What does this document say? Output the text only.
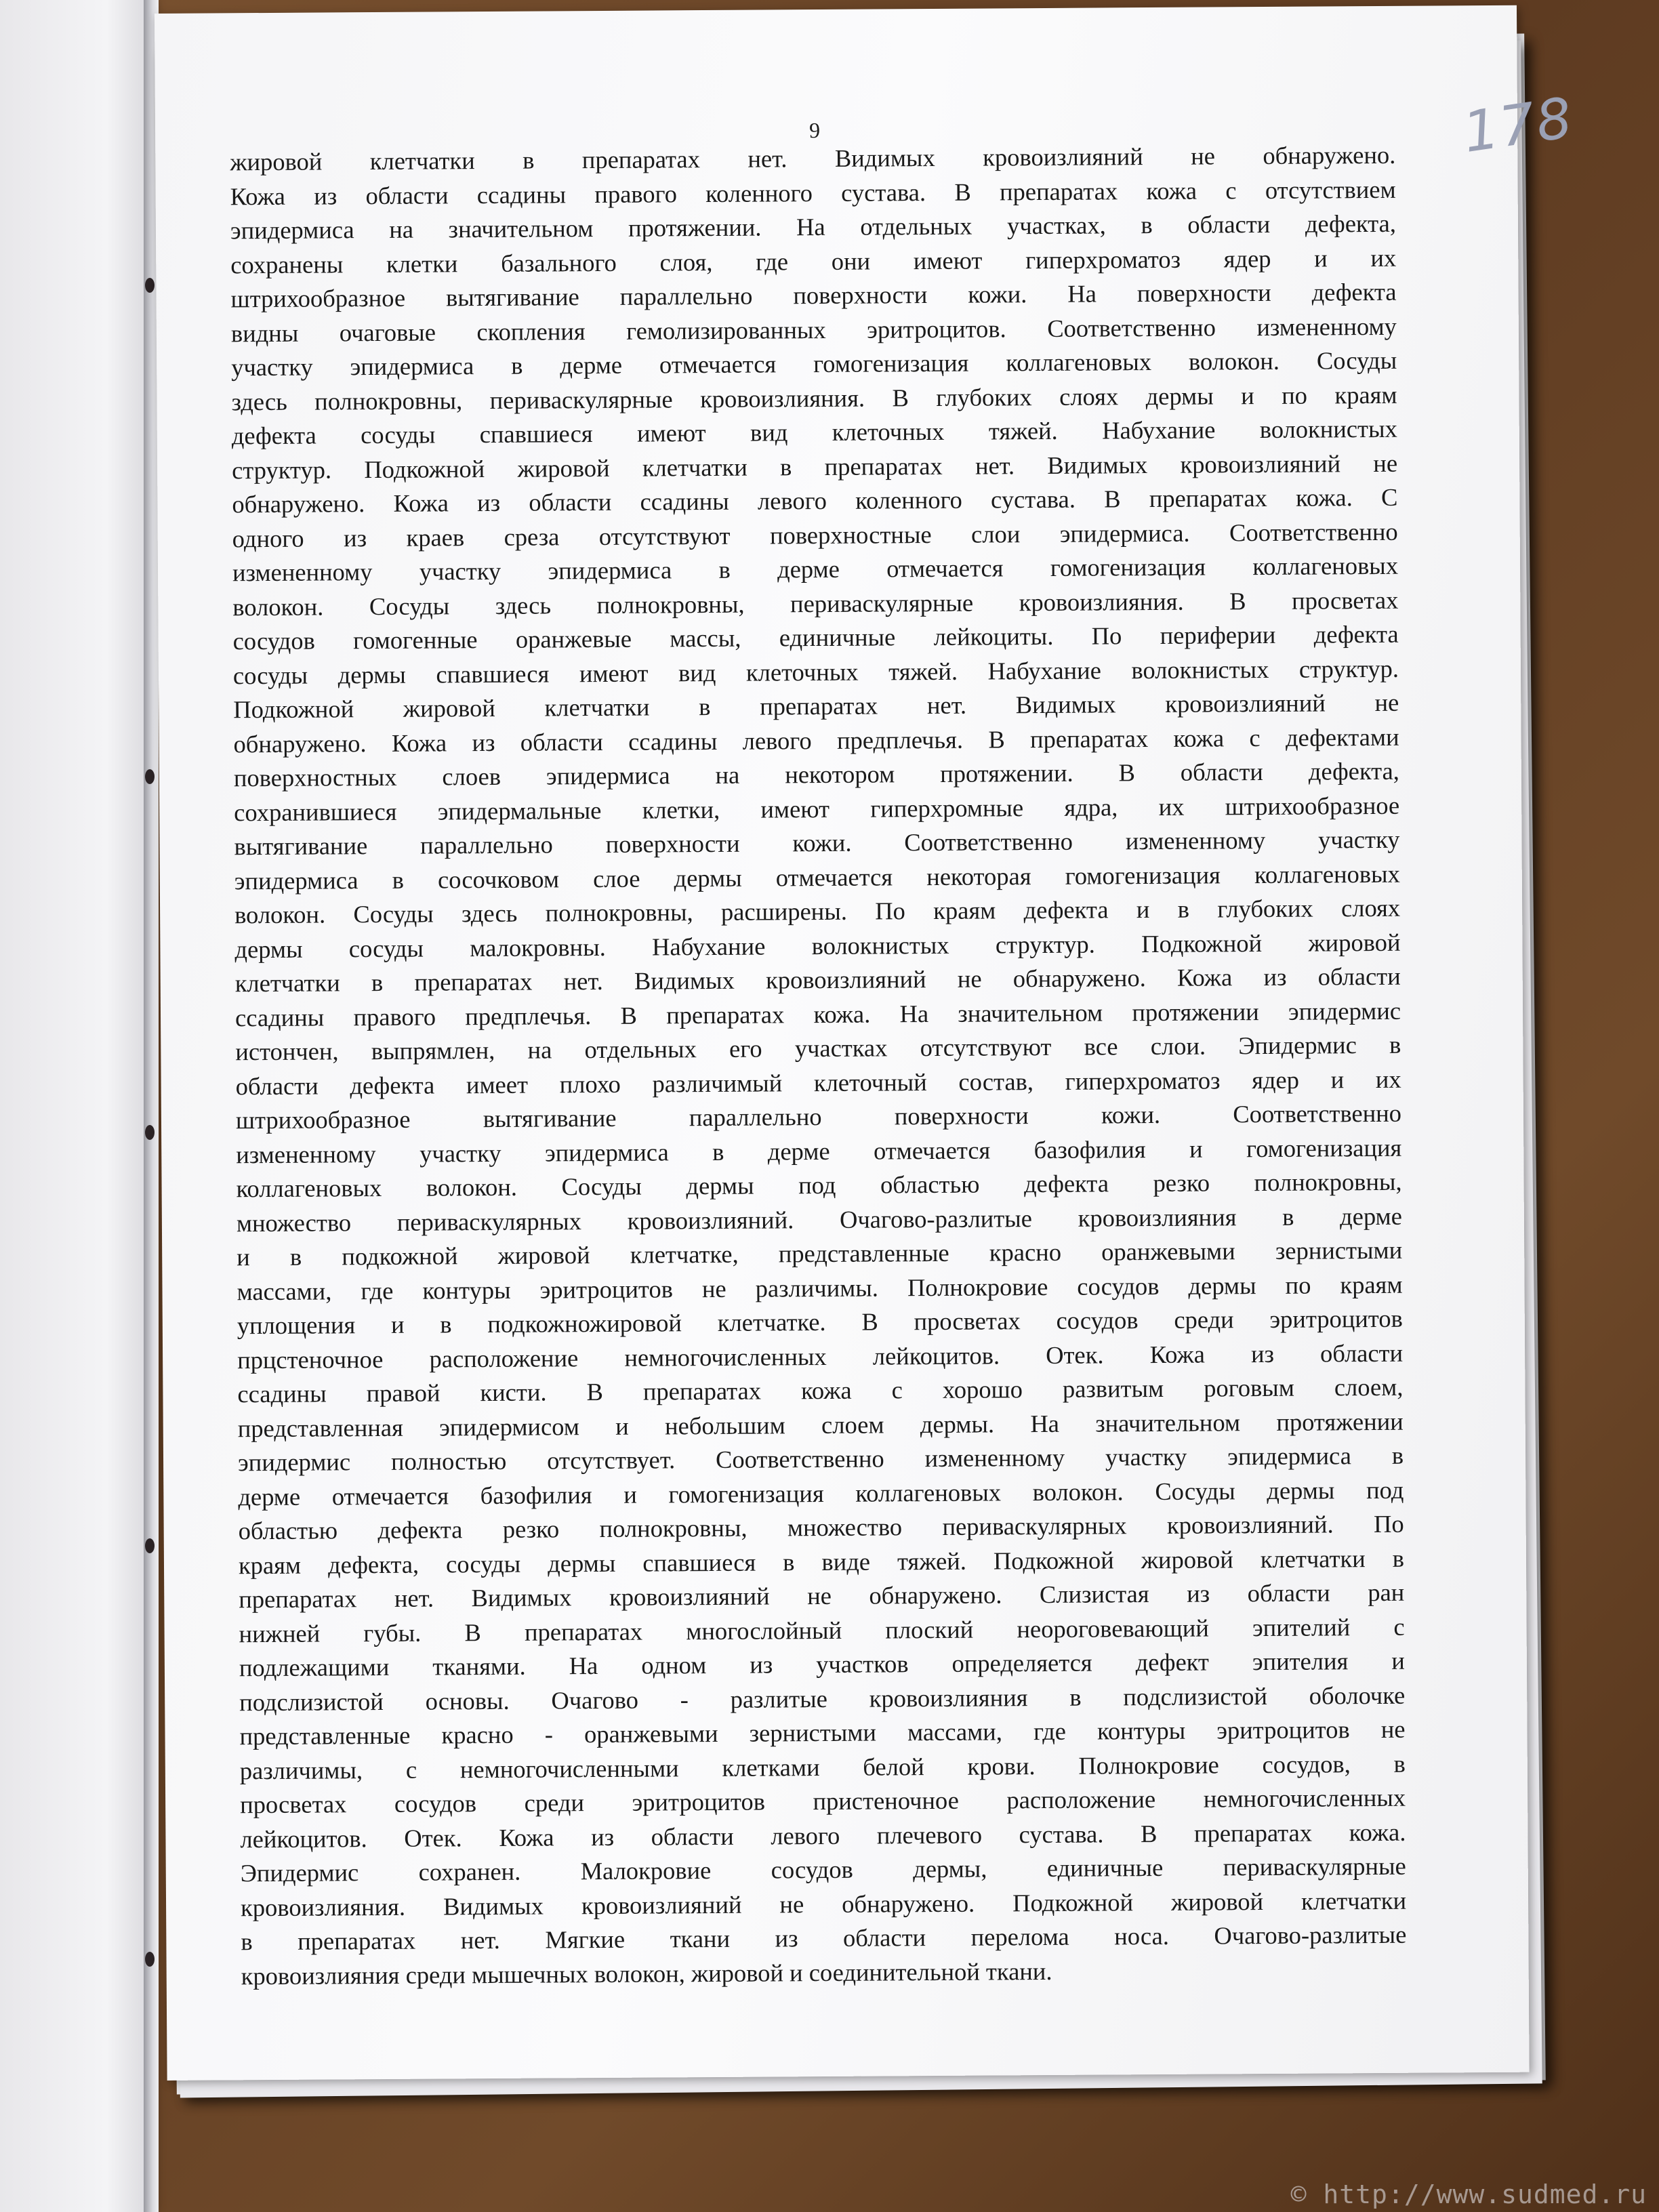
9	178
жировой клетчатки в препаратах нет. Видимых кровоизлияний не обнаружено.
Кожа из области ссадины правого коленного сустава. В препаратах кожа с отсутствием
эпидермиса на значительном протяжении. На отдельных участках, в области дефекта,
сохранены клетки базального слоя, где они имеют гиперхроматоз ядер и их
штрихообразное вытягивание параллельно поверхности кожи. На поверхности дефекта
видны очаговые скопления гемолизированных эритроцитов. Соответственно измененному
участку эпидермиса в дерме отмечается гомогенизация коллагеновых волокон. Сосуды
здесь полнокровны, периваскулярные кровоизлияния. В глубоких слоях дермы и по краям
дефекта сосуды спавшиеся имеют вид клеточных тяжей. Набухание волокнистых
структур. Подкожной жировой клетчатки в препаратах нет. Видимых кровоизлияний не
обнаружено. Кожа из области ссадины левого коленного сустава. В препаратах кожа. С
одного из краев среза отсутствуют поверхностные слои эпидермиса. Соответственно
измененному участку эпидермиса в дерме отмечается гомогенизация коллагеновых
волокон. Сосуды здесь полнокровны, периваскулярные кровоизлияния. В просветах
сосудов гомогенные оранжевые массы, единичные лейкоциты. По периферии дефекта
сосуды дермы спавшиеся имеют вид клеточных тяжей. Набухание волокнистых структур.
Подкожной жировой клетчатки в препаратах нет. Видимых кровоизлияний не
обнаружено. Кожа из области ссадины левого предплечья. В препаратах кожа с дефектами
поверхностных слоев эпидермиса на некотором протяжении. В области дефекта,
сохранившиеся эпидермальные клетки, имеют гиперхромные ядра, их штрихообразное
вытягивание параллельно поверхности кожи. Соответственно измененному участку
эпидермиса в сосочковом слое дермы отмечается некоторая гомогенизация коллагеновых
волокон. Сосуды здесь полнокровны, расширены. По краям дефекта и в глубоких слоях
дермы сосуды малокровны. Набухание волокнистых структур. Подкожной жировой
клетчатки в препаратах нет. Видимых кровоизлияний не обнаружено. Кожа из области
ссадины правого предплечья. В препаратах кожа. На значительном протяжении эпидермис
истончен, выпрямлен, на отдельных его участках отсутствуют все слои. Эпидермис в
области дефекта имеет плохо различимый клеточный состав, гиперхроматоз ядер и их
штрихообразное вытягивание параллельно поверхности кожи. Соответственно
измененному участку эпидермиса в дерме отмечается базофилия и гомогенизация
коллагеновых волокон. Сосуды дермы под областью дефекта резко полнокровны,
множество периваскулярных кровоизлияний. Очагово-разлитые кровоизлияния в дерме
и в подкожной жировой клетчатке, представленные красно оранжевыми зернистыми
массами, где контуры эритроцитов не различимы. Полнокровие сосудов дермы по краям
уплощения и в подкожножировой клетчатке. В просветах сосудов среди эритроцитов
прцстеночное расположение немногочисленных лейкоцитов. Отек. Кожа из области
ссадины правой кисти. В препаратах кожа с хорошо развитым роговым слоем,
представленная эпидермисом и небольшим слоем дермы. На значительном протяжении
эпидермис полностью отсутствует. Соответственно измененному участку эпидермиса в
дерме отмечается базофилия и гомогенизация коллагеновых волокон. Сосуды дермы под
областью дефекта резко полнокровны, множество периваскулярных кровоизлияний. По
краям дефекта, сосуды дермы спавшиеся в виде тяжей. Подкожной жировой клетчатки в
препаратах нет. Видимых кровоизлияний не обнаружено. Слизистая из области ран
нижней губы. В препаратах многослойный плоский неороговевающий эпителий с
подлежащими тканями. На одном из участков определяется дефект эпителия и
подслизистой основы. Очагово - разлитые кровоизлияния в подслизистой оболочке
представленные красно - оранжевыми зернистыми массами, где контуры эритроцитов не
различимы, с немногочисленными клетками белой крови. Полнокровие сосудов, в
просветах сосудов среди эритроцитов пристеночное расположение немногочисленных
лейкоцитов. Отек. Кожа из области левого плечевого сустава. В препаратах кожа.
Эпидермис сохранен. Малокровие сосудов дермы, единичные периваскулярные
кровоизлияния. Видимых кровоизлияний не обнаружено. Подкожной жировой клетчатки
в препаратах нет. Мягкие ткани из области перелома носа. Очагово-разлитые
кровоизлияния среди мышечных волокон, жировой и соединительной ткани.
© http://www.sudmed.ru
